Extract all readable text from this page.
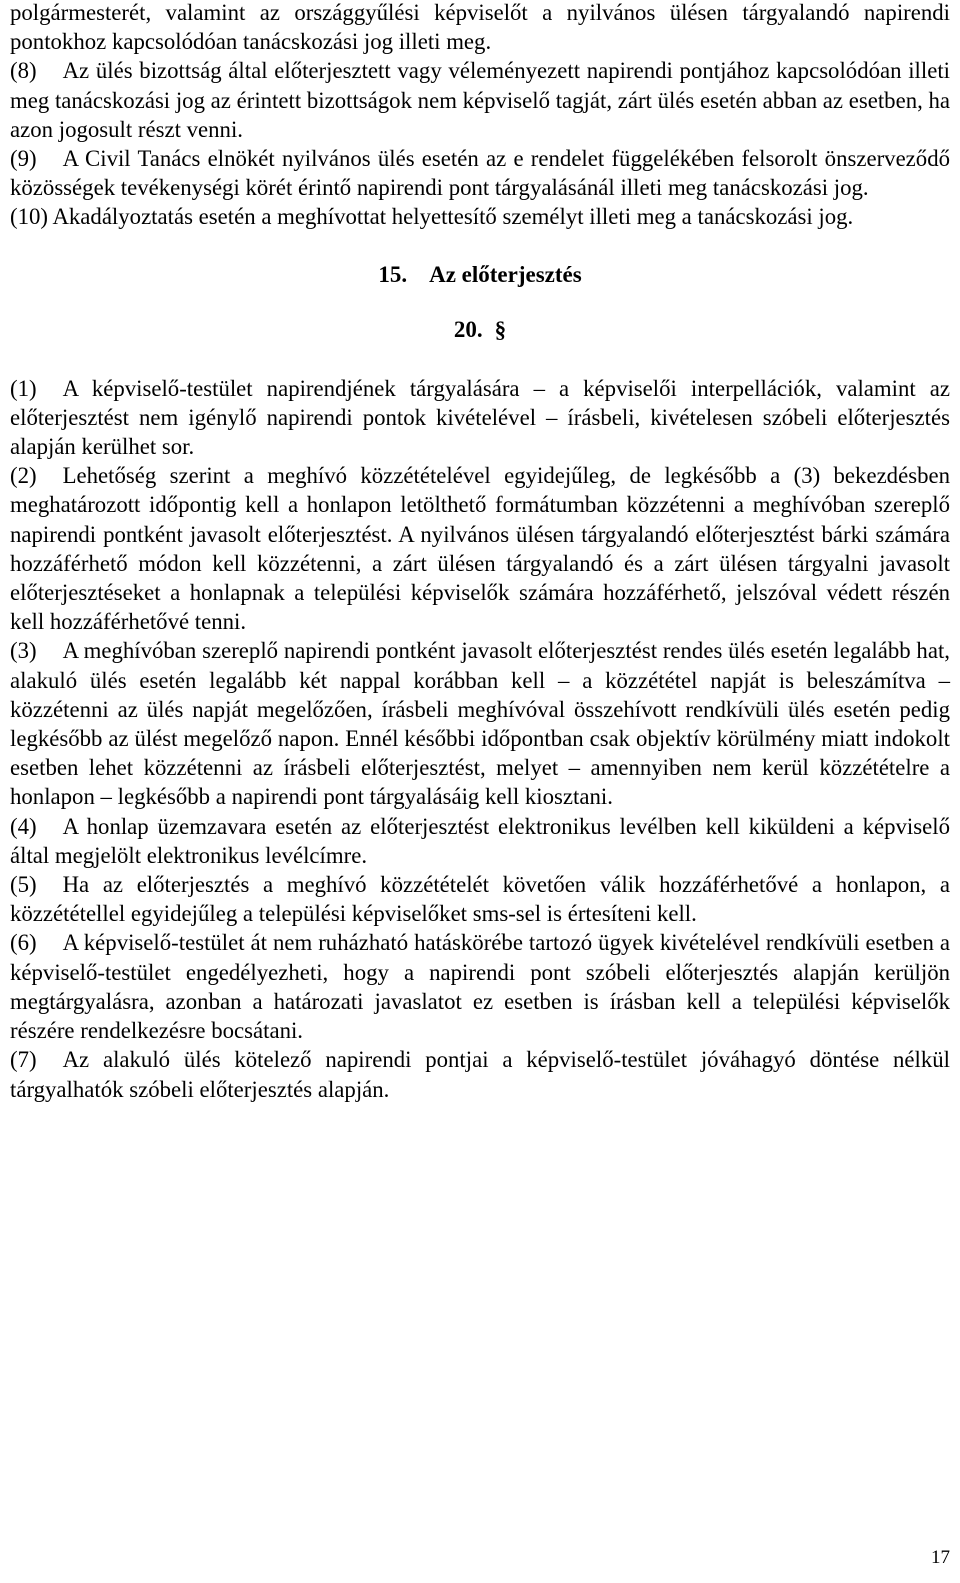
polgármesterét, valamint az országgyűlési képviselőt a nyilvános ülésen tárgyalandó napirendi pontokhoz kapcsolódóan tanácskozási jog illeti meg.

(8) Az ülés bizottság által előterjesztett vagy véleményezett napirendi pontjához kapcsolódóan illeti meg tanácskozási jog az érintett bizottságok nem képviselő tagját, zárt ülés esetén abban az esetben, ha azon jogosult részt venni.

(9) A Civil Tanács elnökét nyilvános ülés esetén az e rendelet függelékében felsorolt önszerveződő közösségek tevékenységi körét érintő napirendi pont tárgyalásánál illeti meg tanácskozási jog.

(10) Akadályoztatás esetén a meghívottat helyettesítő személyt illeti meg a tanácskozási jog.

15. Az előterjesztés
20. §

(1) A képviselő-testület napirendjének tárgyalására – a képviselői interpellációk, valamint az előterjesztést nem igénylő napirendi pontok kivételével – írásbeli, kivételesen szóbeli előterjesztés alapján kerülhet sor.

(2) Lehetőség szerint a meghívó közzétételével egyidejűleg, de legkésőbb a (3) bekezdésben meghatározott időpontig kell a honlapon letölthető formátumban közzétenni a meghívóban szereplő napirendi pontként javasolt előterjesztést. A nyilvános ülésen tárgyalandó előterjesztést bárki számára hozzáférhető módon kell közzétenni, a zárt ülésen tárgyalandó és a zárt ülésen tárgyalni javasolt előterjesztéseket a honlapnak a települési képviselők számára hozzáférhető, jelszóval védett részén kell hozzáférhetővé tenni.

(3) A meghívóban szereplő napirendi pontként javasolt előterjesztést rendes ülés esetén legalább hat, alakuló ülés esetén legalább két nappal korábban kell – a közzététel napját is beleszámítva – közzétenni az ülés napját megelőzően, írásbeli meghívóval összehívott rendkívüli ülés esetén pedig legkésőbb az ülést megelőző napon. Ennél későbbi időpontban csak objektív körülmény miatt indokolt esetben lehet közzétenni az írásbeli előterjesztést, melyet – amennyiben nem kerül közzétételre a honlapon – legkésőbb a napirendi pont tárgyalásáig kell kiosztani.

(4) A honlap üzemzavara esetén az előterjesztést elektronikus levélben kell kiküldeni a képviselő által megjelölt elektronikus levélcímre.

(5) Ha az előterjesztés a meghívó közzétételét követően válik hozzáférhetővé a honlapon, a közzététellel egyidejűleg a települési képviselőket sms-sel is értesíteni kell.

(6) A képviselő-testület át nem ruházható hatáskörébe tartozó ügyek kivételével rendkívüli esetben a képviselő-testület engedélyezheti, hogy a napirendi pont szóbeli előterjesztés alapján kerüljön megtárgyalásra, azonban a határozati javaslatot ez esetben is írásban kell a települési képviselők részére rendelkezésre bocsátani.

(7) Az alakuló ülés kötelező napirendi pontjai a képviselő-testület jóváhagyó döntése nélkül tárgyalhatók szóbeli előterjesztés alapján.

17
